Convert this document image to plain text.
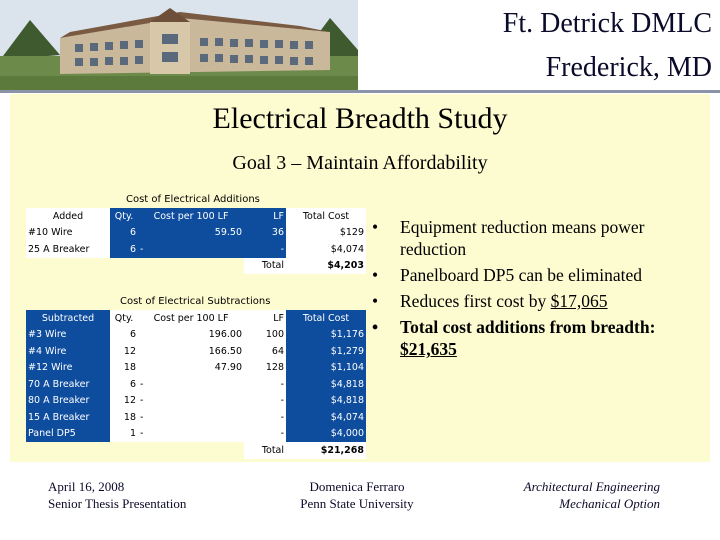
Ft. Detrick DMLC
Frederick, MD
Electrical Breadth Study
Goal 3 – Maintain Affordability
Cost of Electrical Additions
Added	Qty.	Cost per 100 LF	LF	Total Cost
#10 Wire	6	59.50	36	$129
25 A Breaker	6	-	-	$4,074
			Total	$4,203
Cost of Electrical Subtractions
Subtracted	Qty.	Cost per 100 LF	LF	Total Cost
#3 Wire	6	196.00	100	$1,176
#4 Wire	12	166.50	64	$1,279
#12 Wire	18	47.90	128	$1,104
70 A Breaker	6	-	-	$4,818
80 A Breaker	12	-	-	$4,818
15 A Breaker	18	-	-	$4,074
Panel DP5	1	-	-	$4,000
			Total	$21,268
• Equipment reduction means power reduction
• Panelboard DP5 can be eliminated
• Reduces first cost by $17,065
• Total cost additions from breadth: $21,635
April 16, 2008
Senior Thesis Presentation
Domenica Ferraro
Penn State University
Architectural Engineering
Mechanical Option
